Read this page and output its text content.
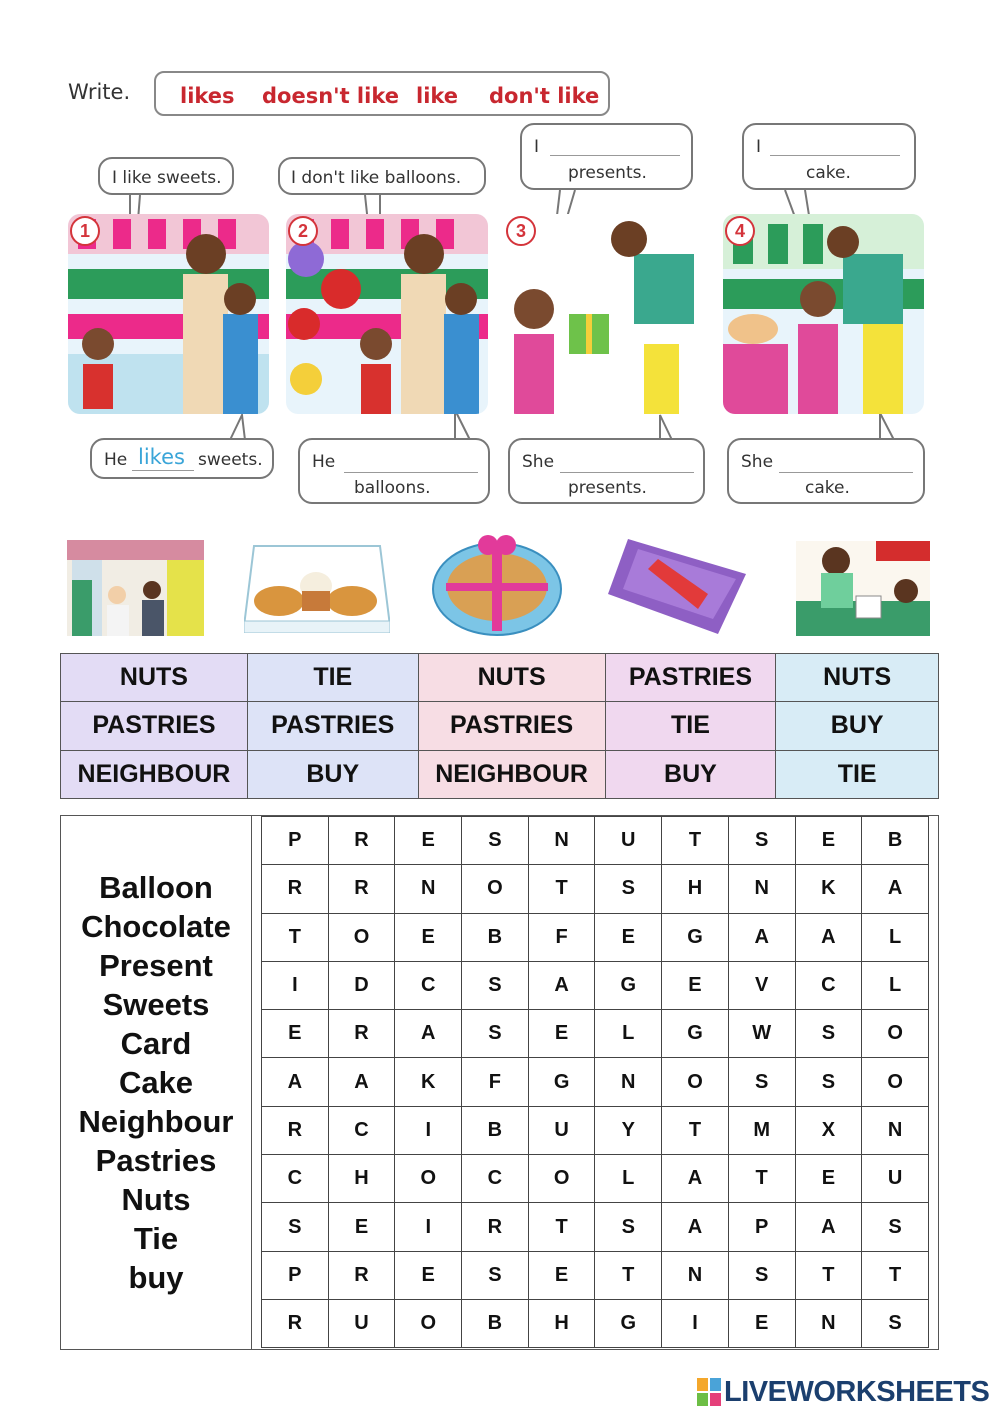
Write. likes doesn't like like don't like
I like sweets.	I don't like balloons.
I
presents.
I
cake.
1	2	3	4
He likes sweets.	He
balloons.
She
presents.
She
cake.
NUTS	TIE	NUTS	PASTRIES	NUTS
PASTRIES	PASTRIES	PASTRIES	TIE	BUY
NEIGHBOUR	BUY	NEIGHBOUR	BUY	TIE
Balloon
Chocolate
Present
Sweets
Card
Cake
Neighbour
Pastries
Nuts
Tie
buy
P	R	E	S	N	U	T	S	E	B
R	R	N	O	T	S	H	N	K	A
T	O	E	B	F	E	G	A	A	L
I	D	C	S	A	G	E	V	C	L
E	R	A	S	E	L	G	W	S	O
A	A	K	F	G	N	O	S	S	O
R	C	I	B	U	Y	T	M	X	N
C	H	O	C	O	L	A	T	E	U
S	E	I	R	T	S	A	P	A	S
P	R	E	S	E	T	N	S	T	T
R	U	O	B	H	G	I	E	N	S
LIVEWORKSHEETS
